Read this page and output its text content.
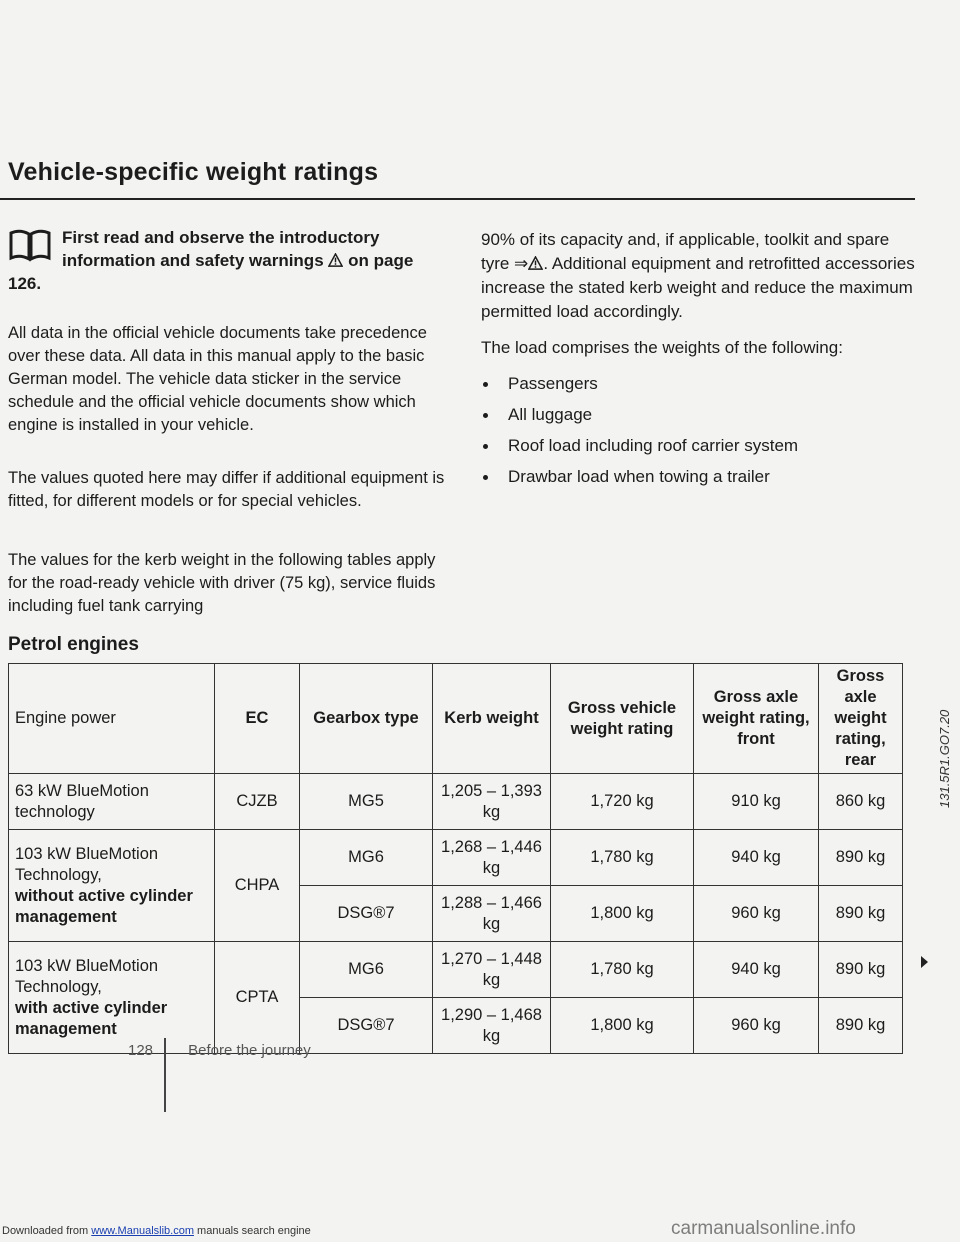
Vehicle-specific weight ratings
First read and observe the introductory information and safety warnings on page 126.

All data in the official vehicle documents take precedence over these data. All data in this manual apply to the basic German model. The vehicle data sticker in the service schedule and the official vehicle documents show which engine is installed in your vehicle.

The values quoted here may differ if additional equipment is fitted, for different models or for special vehicles.

The values for the kerb weight in the following tables apply for the road-ready vehicle with driver (75 kg), service fluids including fuel tank carrying

90% of its capacity and, if applicable, toolkit and spare tyre ⇒ . Additional equipment and retrofitted accessories increase the stated kerb weight and reduce the maximum permitted load accordingly.

The load comprises the weights of the following:

Passengers
All luggage
Roof load including roof carrier system
Drawbar load when towing a trailer
Petrol engines
Engine power	EC	Gearbox type	Kerb weight	Gross vehicle weight rating	Gross axle weight rating, front	Gross axle weight rating, rear
63 kW BlueMotion technology	CJZB	MG5	1,205 – 1,393 kg	1,720 kg	910 kg	860 kg
103 kW BlueMotion Technology,
without active cylinder management	CHPA	MG6	1,268 – 1,446 kg	1,780 kg	940 kg	890 kg
		DSG®7	1,288 – 1,466 kg	1,800 kg	960 kg	890 kg
103 kW BlueMotion Technology,
with active cylinder management	CPTA	MG6	1,270 – 1,448 kg	1,780 kg	940 kg	890 kg
		DSG®7	1,290 – 1,468 kg	1,800 kg	960 kg	890 kg
128 Before the journey
131.5R1.GO7.20
Downloaded from www.Manualslib.com manuals search engine	carmanualsonline.info
